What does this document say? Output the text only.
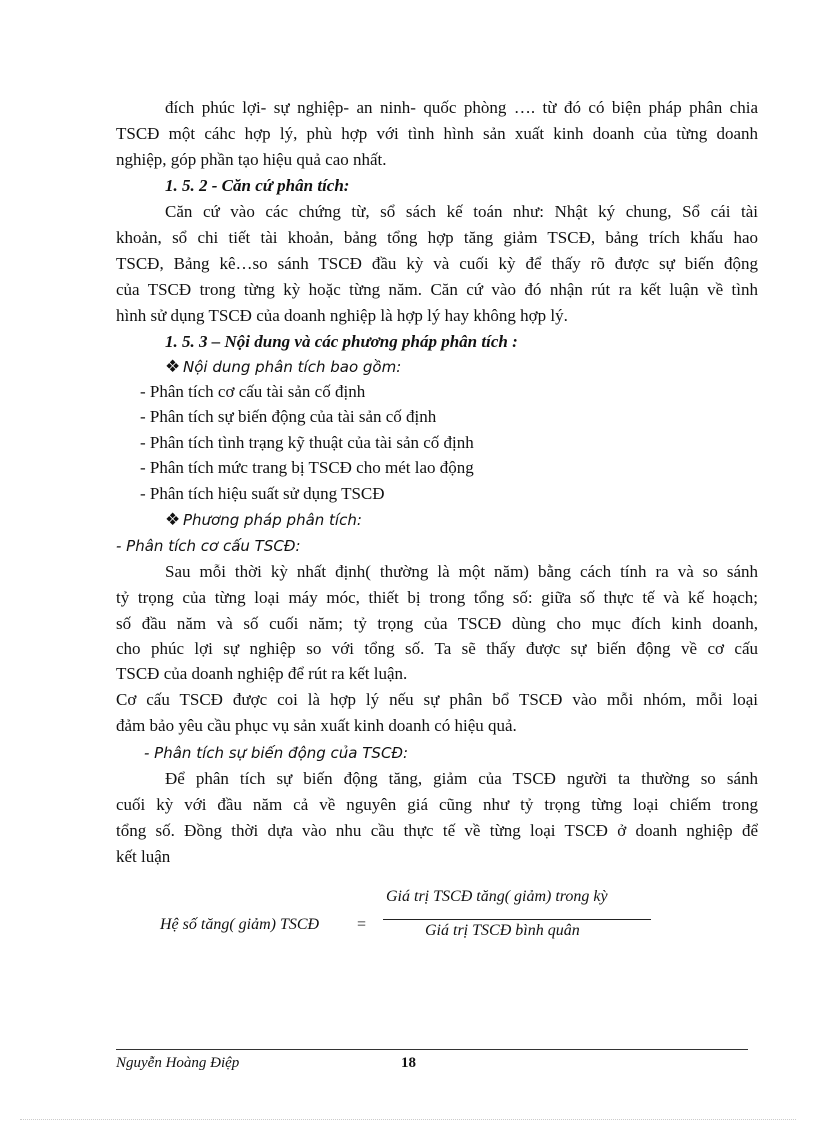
đích phúc lợi- sự nghiệp- an ninh- quốc phòng …. từ đó có biện pháp phân chia
TSCĐ một cáhc hợp lý, phù hợp với tình hình sản xuất kinh doanh của từng doanh
nghiệp, góp phần tạo hiệu quả cao nhất.
1. 5. 2 - Căn cứ phân tích:
Căn cứ vào các chứng từ, sổ sách kế toán như: Nhật ký chung, Sổ cái tài
khoản, sổ chi tiết tài khoản, bảng tổng hợp tăng giảm TSCĐ, bảng trích khấu hao
TSCĐ, Bảng kê…so sánh TSCĐ đầu kỳ và cuối kỳ để thấy rõ được sự biến động
của TSCĐ trong từng kỳ hoặc từng năm. Căn cứ vào đó nhận rút ra kết luận về tình
hình sử dụng TSCĐ của doanh nghiệp là hợp lý hay không hợp lý.
1. 5. 3 – Nội dung và các phương pháp phân tích :
❖ Nội dung phân tích bao gồm:
- Phân tích cơ cấu tài sản cố định
- Phân tích sự biến động của tài sản cố định
- Phân tích tình trạng kỹ thuật của tài sản cố định
- Phân tích mức trang bị TSCĐ cho mét lao động
- Phân tích hiệu suất sử dụng TSCĐ
❖ Phương pháp phân tích:
- Phân tích cơ cấu TSCĐ:
Sau mỗi thời kỳ nhất định( thường là một năm) bằng cách tính ra và so sánh
tỷ trọng của từng loại máy móc, thiết bị trong tổng số: giữa số thực tế và kế hoạch;
số đầu năm và số cuối năm; tỷ trọng của TSCĐ dùng cho mục đích kinh doanh,
cho phúc lợi sự nghiệp so với tổng số. Ta sẽ thấy được sự biến động về cơ cấu
TSCĐ của doanh nghiệp để rút ra kết luận.
Cơ cấu TSCĐ được coi là hợp lý nếu sự phân bổ TSCĐ vào mỗi nhóm, mỗi loại
đảm bảo yêu cầu phục vụ sản xuất kinh doanh có hiệu quả.
- Phân tích sự biến động của TSCĐ:
Để phân tích sự biến động tăng, giảm của TSCĐ người ta thường so sánh
cuối kỳ với đầu năm cả về nguyên giá cũng như tỷ trọng từng loại chiếm trong
tổng số. Đồng thời dựa vào nhu cầu thực tế về từng loại TSCĐ ở doanh nghiệp để
kết luận
Hệ số tăng( giảm) TSCĐ =
Giá trị TSCĐ tăng( giảm) trong kỳ
Giá trị TSCĐ bình quân
Nguyễn Hoàng Điệp	18
